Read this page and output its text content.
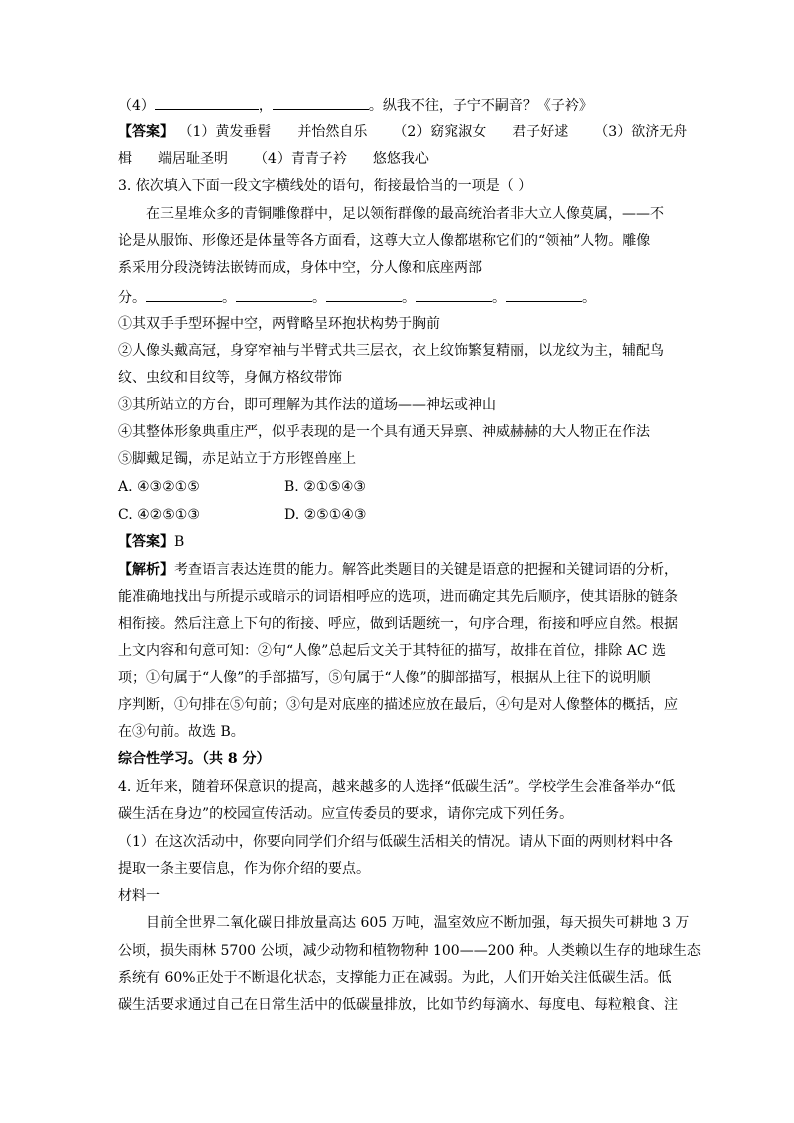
（4）	，	。纵我不往，子宁不嗣音？《子衿》
【答案】 （1）黄发垂髫 并怡然自乐 （2）窈窕淑女 君子好逑 （3）欲济无舟
楫 端居耻圣明 （4）青青子衿 悠悠我心
3. 依次填入下面一段文字横线处的语句，衔接最恰当的一项是（ ）
在三星堆众多的青铜雕像群中，足以领衔群像的最高统治者非大立人像莫属，——不
论是从服饰、形像还是体量等各方面看，这尊大立人像都堪称它们的“领袖”人物。雕像
系采用分段浇铸法嵌铸而成，身体中空，分人像和底座两部
分。	。	。	。	。	。
①其双手手型环握中空，两臂略呈环抱状构势于胸前
②人像头戴高冠，身穿窄袖与半臂式共三层衣，衣上纹饰繁复精丽，以龙纹为主，辅配鸟
纹、虫纹和目纹等，身佩方格纹带饰
③其所站立的方台，即可理解为其作法的道场——神坛或神山
④其整体形象典重庄严，似乎表现的是一个具有通天异禀、神威赫赫的大人物正在作法
⑤脚戴足镯，赤足站立于方形铿兽座上
A. ④③②①⑤	B. ②①⑤④③
C. ④②⑤①③	D. ②⑤①④③
【答案】B
【解析】考查语言表达连贯的能力。解答此类题目的关键是语意的把握和关键词语的分析，
能准确地找出与所提示或暗示的词语相呼应的选项，进而确定其先后顺序，使其语脉的链条
相衔接。然后注意上下句的衔接、呼应，做到话题统一，句序合理，衔接和呼应自然。根据
上文内容和句意可知：②句“人像”总起后文关于其特征的描写，故排在首位，排除 AC 选
项；①句属于“人像”的手部描写，⑤句属于“人像”的脚部描写，根据从上往下的说明顺
序判断，①句排在⑤句前；③句是对底座的描述应放在最后，④句是对人像整体的概括，应
在③句前。故选 B。
综合性学习。（共 8 分）
4. 近年来，随着环保意识的提高，越来越多的人选择“低碳生活”。学校学生会准备举办“低
碳生活在身边”的校园宣传活动。应宣传委员的要求，请你完成下列任务。
（1）在这次活动中，你要向同学们介绍与低碳生活相关的情况。请从下面的两则材料中各
提取一条主要信息，作为你介绍的要点。
材料一
目前全世界二氧化碳日排放量高达 605 万吨，温室效应不断加强，每天损失可耕地 3 万
公顷，损失雨林 5700 公顷，减少动物和植物物种 100——200 种。人类赖以生存的地球生态
系统有 60%正处于不断退化状态，支撑能力正在减弱。为此，人们开始关注低碳生活。低
碳生活要求通过自己在日常生活中的低碳量排放，比如节约每滴水、每度电、每粒粮食、注
